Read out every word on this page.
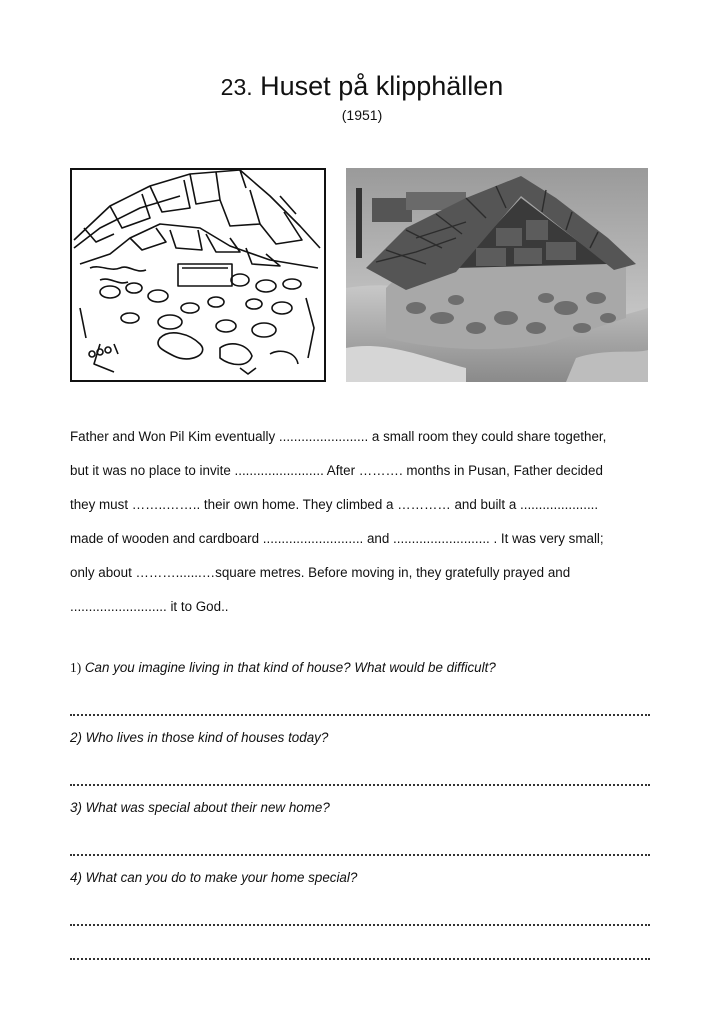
23. Huset på klipphällen
(1951)
Father and Won Pil Kim eventually ........................ a small room they could share together,
but it was no place to invite ........................ After ………. months in Pusan, Father decided
they must ……..…….. their own home. They climbed a ………… and built a .....................
made of wooden and cardboard ........................... and .......................... . It was very small;
only about ……….......…square metres. Before moving in, they gratefully prayed and
.......................... it to God..
1) Can you imagine living in that kind of house? What would be difficult?
2) Who lives in those kind of houses today?
3) What was special about their new home?
4) What can you do to make your home special?
